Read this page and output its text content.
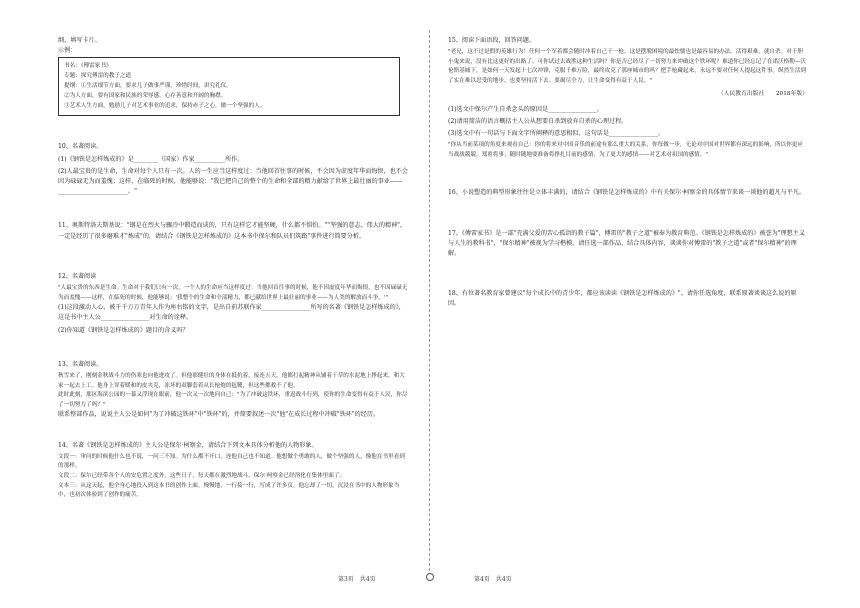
纲，填写卡片。

示例：

书名：《傅雷家书》

专题：探究傅雷的教子之道

提纲：①生活细节方面，要求儿子做事严谨，珍惜时间，讲究礼仪。

②为人方面，要有国家和民族的荣辱感，心存善意和开阔的胸襟。

③艺术人生方面，勉励儿子对艺术事业的追求，保持赤子之心，做一个坚强的人。

10、名著阅读。

(1)《钢铁是怎样炼成的》是________（国家）作家__________所作。

(2)人最宝贵的是生命，生命对每个人只有一次。人的一生应当这样度过：当他回首往事的时候，不会因为虚度年华而悔恨，也不会因为碌碌无为而羞愧；这样，在临死的时候，他能够说："我已把自己的整个的生命和全部的精力献给了世界上最壮丽的事业——_______________________。"

11、奥斯特洛夫斯基说："钢是在烈火与骤冷中锻造而成的，只有这样它才能坚硬，什么都不惧怕。""坚强的意志、伟大的精神"，一定是经历了很多磨难才"炼成"的，请结合《钢铁是怎样炼成的》这本书中保尔和队员们筑路"事件进行简要分析。

12、名著阅读

"人最宝贵的东西是生命。生命对于我们只有一次。一个人的生命应当这样度过：当他回首往事的时候，他不因虚度年华而悔恨，也不因碌碌无为而羞愧——这样，在临死的时候，他能够说：'我整个的生命和全部精力，都已献给世界上最壮丽的事业——为人类的解放而斗争。'"

(1)这段激动人心、被千千万万青年人作为座右铭的文字，是出自前苏联作家________________所写的名著《钢铁是怎样炼成的》，这是书中主人公________________对生命的诠释。

(2)你知道《钢铁是怎样炼成的》题目的含义吗？

13、名著阅读。

秋雪来了，刚刻金秋战斗力的伤寒也向他进攻了。但他那健壮的身体在抵抗着，接连五天，他都打起精神从铺着干草的水泥地上挣起来，和大家一起去上工。他身上穿着暖和的皮夹克，冻坏的双脚套着从长枪炮的毡靴，但这些都救不了他。

此时此刻，那区海滨公园的一幕又浮现在眼前，他一次又一次地问自己："为了冲破这铁环，重返战斗行列，使你的生命变得有益于人民，你尽了一切努力了吗？"

联系整部作品，说说主人公是如何"为了冲破这铁环"中"铁环"的，并简要叙述一次"他"在成长过程中冲破"铁环"的经历。

14、名著《钢铁是怎样炼成的》主人公是保尔·柯察金，请结合下列文本具体分析他的人物形象。

文段一：审问的时候他什么也不说，一问三不知。为什么都不开口，连他自己也不知道。他想做个勇敢的人，做个坚强的人，像他在书里看到的那样。

文段二：保尔已经带各个人的安危置之度外，这些日子，每天都在激烈地战斗。保尔·柯察金已经溶化在集体里面了。

文本三：从这天起，他全身心地投入到这本书的创作上面。慢慢地，一行接一行，写成了许多页。他忘却了一切，沉浸在书中的人物形象当中，也初次体验到了创作的痛苦。

15、阅读下面语段，回答问题。

"老兄，这不过是假的英雄行为！任何一个军着都会随时冲着自己干一枪。这是摆脱困境的最怯懦也是最容易的办法。活得艰难，就自杀。对于胆小鬼来说，没有比这更好的出路了。可你试过去战胜这种生活吗？你是否已经尽了一切努力来冲破这个铁环呢？难道你已经忘记了在诺沃格勒—沃伦斯基城下，是如何一天发起十七次冲锋，克服千难万险，最终攻克了那座城市的吗？把手枪藏起来，永远不要对任何人提起这件事。纵然生活到了实在难以忍受的地步，也要坚持活下去。要竭尽全力，让生命变得有益于人民。"

（人民教育出版社　　2018年版）

(1)选文中保尔产生自杀念头的原因是________________。

(2)请用简洁的语言概括主人公从想要自杀到放弃自杀的心理过程。

(3)选文中有一句话与下面文字所阐释的意思相似，这句话是________________。

"你从当前某项的角度来观看自己：你的将来对中国音乐的前途有那么重大的关系，你每做一步，无论对中国对世界都有深远的影响，所以你更应当战战兢兢，郑重将事；随时随地要准备将挣扎目前的感情，为了更大的感情——对艺术对祖国的感情。"

16、小说塑造的典型形象往往是立体丰满的，请结合《钢铁是怎样炼成的》中有关保尔·柯察金的具体情节来谈一谈他的超凡与平凡。

17、《傅雷家书》是一部"充满父爱的苦心孤诣的教子篇"，傅雷的"教子之道"被奉为教育典范。《钢铁是怎样炼成的》被誉为"理想主义与人生的教科书"，"保尔精神"被视为学习楷模。请任选一部作品，结合具体内容，谈谈你对傅雷的"教子之道"或者"保尔精神"的理解。

18、有位著名教育家曾建议"每个成长中的青少年，都应该读读《钢铁是怎样炼成的》"。请你任选角度，联系原著谈谈这么说的原因。

第3页　共4页	第4页　共4页
